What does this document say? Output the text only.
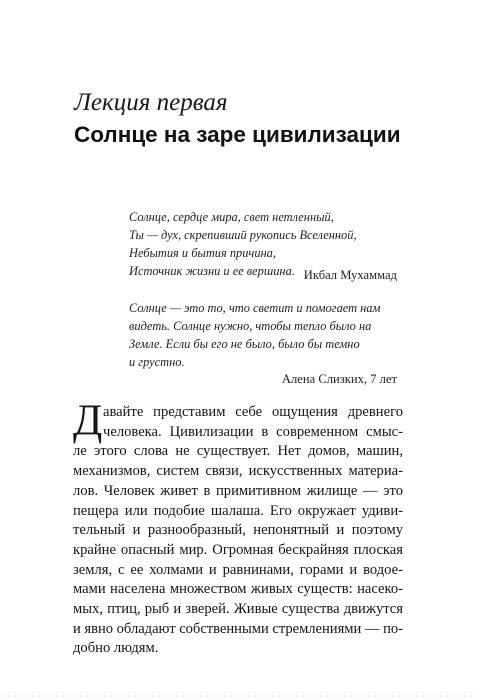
Лекция первая
Солнце на заре цивилизации
Солнце, сердце мира, свет нетленный,
Ты — дух, скрепивший рукопись Вселенной,
Небытия и бытия причина,
Источник жизни и ее вершина. Икбал Мухаммад
Солнце — это то, что светит и помогает нам
видеть. Солнце нужно, чтобы тепло было на
Земле. Если бы его не было, было бы темно
и грустно.
Алена Слизких, 7 лет
Д авайте представим себе ощущения древнего
человека. Цивилизации в современном смыс-
ле этого слова не существует. Нет домов, машин,
механизмов, систем связи, искусственных материа-
лов. Человек живет в примитивном жилище — это
пещера или подобие шалаша. Его окружает удиви-
тельный и разнообразный, непонятный и поэтому
крайне опасный мир. Огромная бескрайняя плоская
земля, с ее холмами и равнинами, горами и водое-
мами населена множеством живых существ: насеко-
мых, птиц, рыб и зверей. Живые существа движутся
и явно обладают собственными стремлениями — по-
добно людям.
